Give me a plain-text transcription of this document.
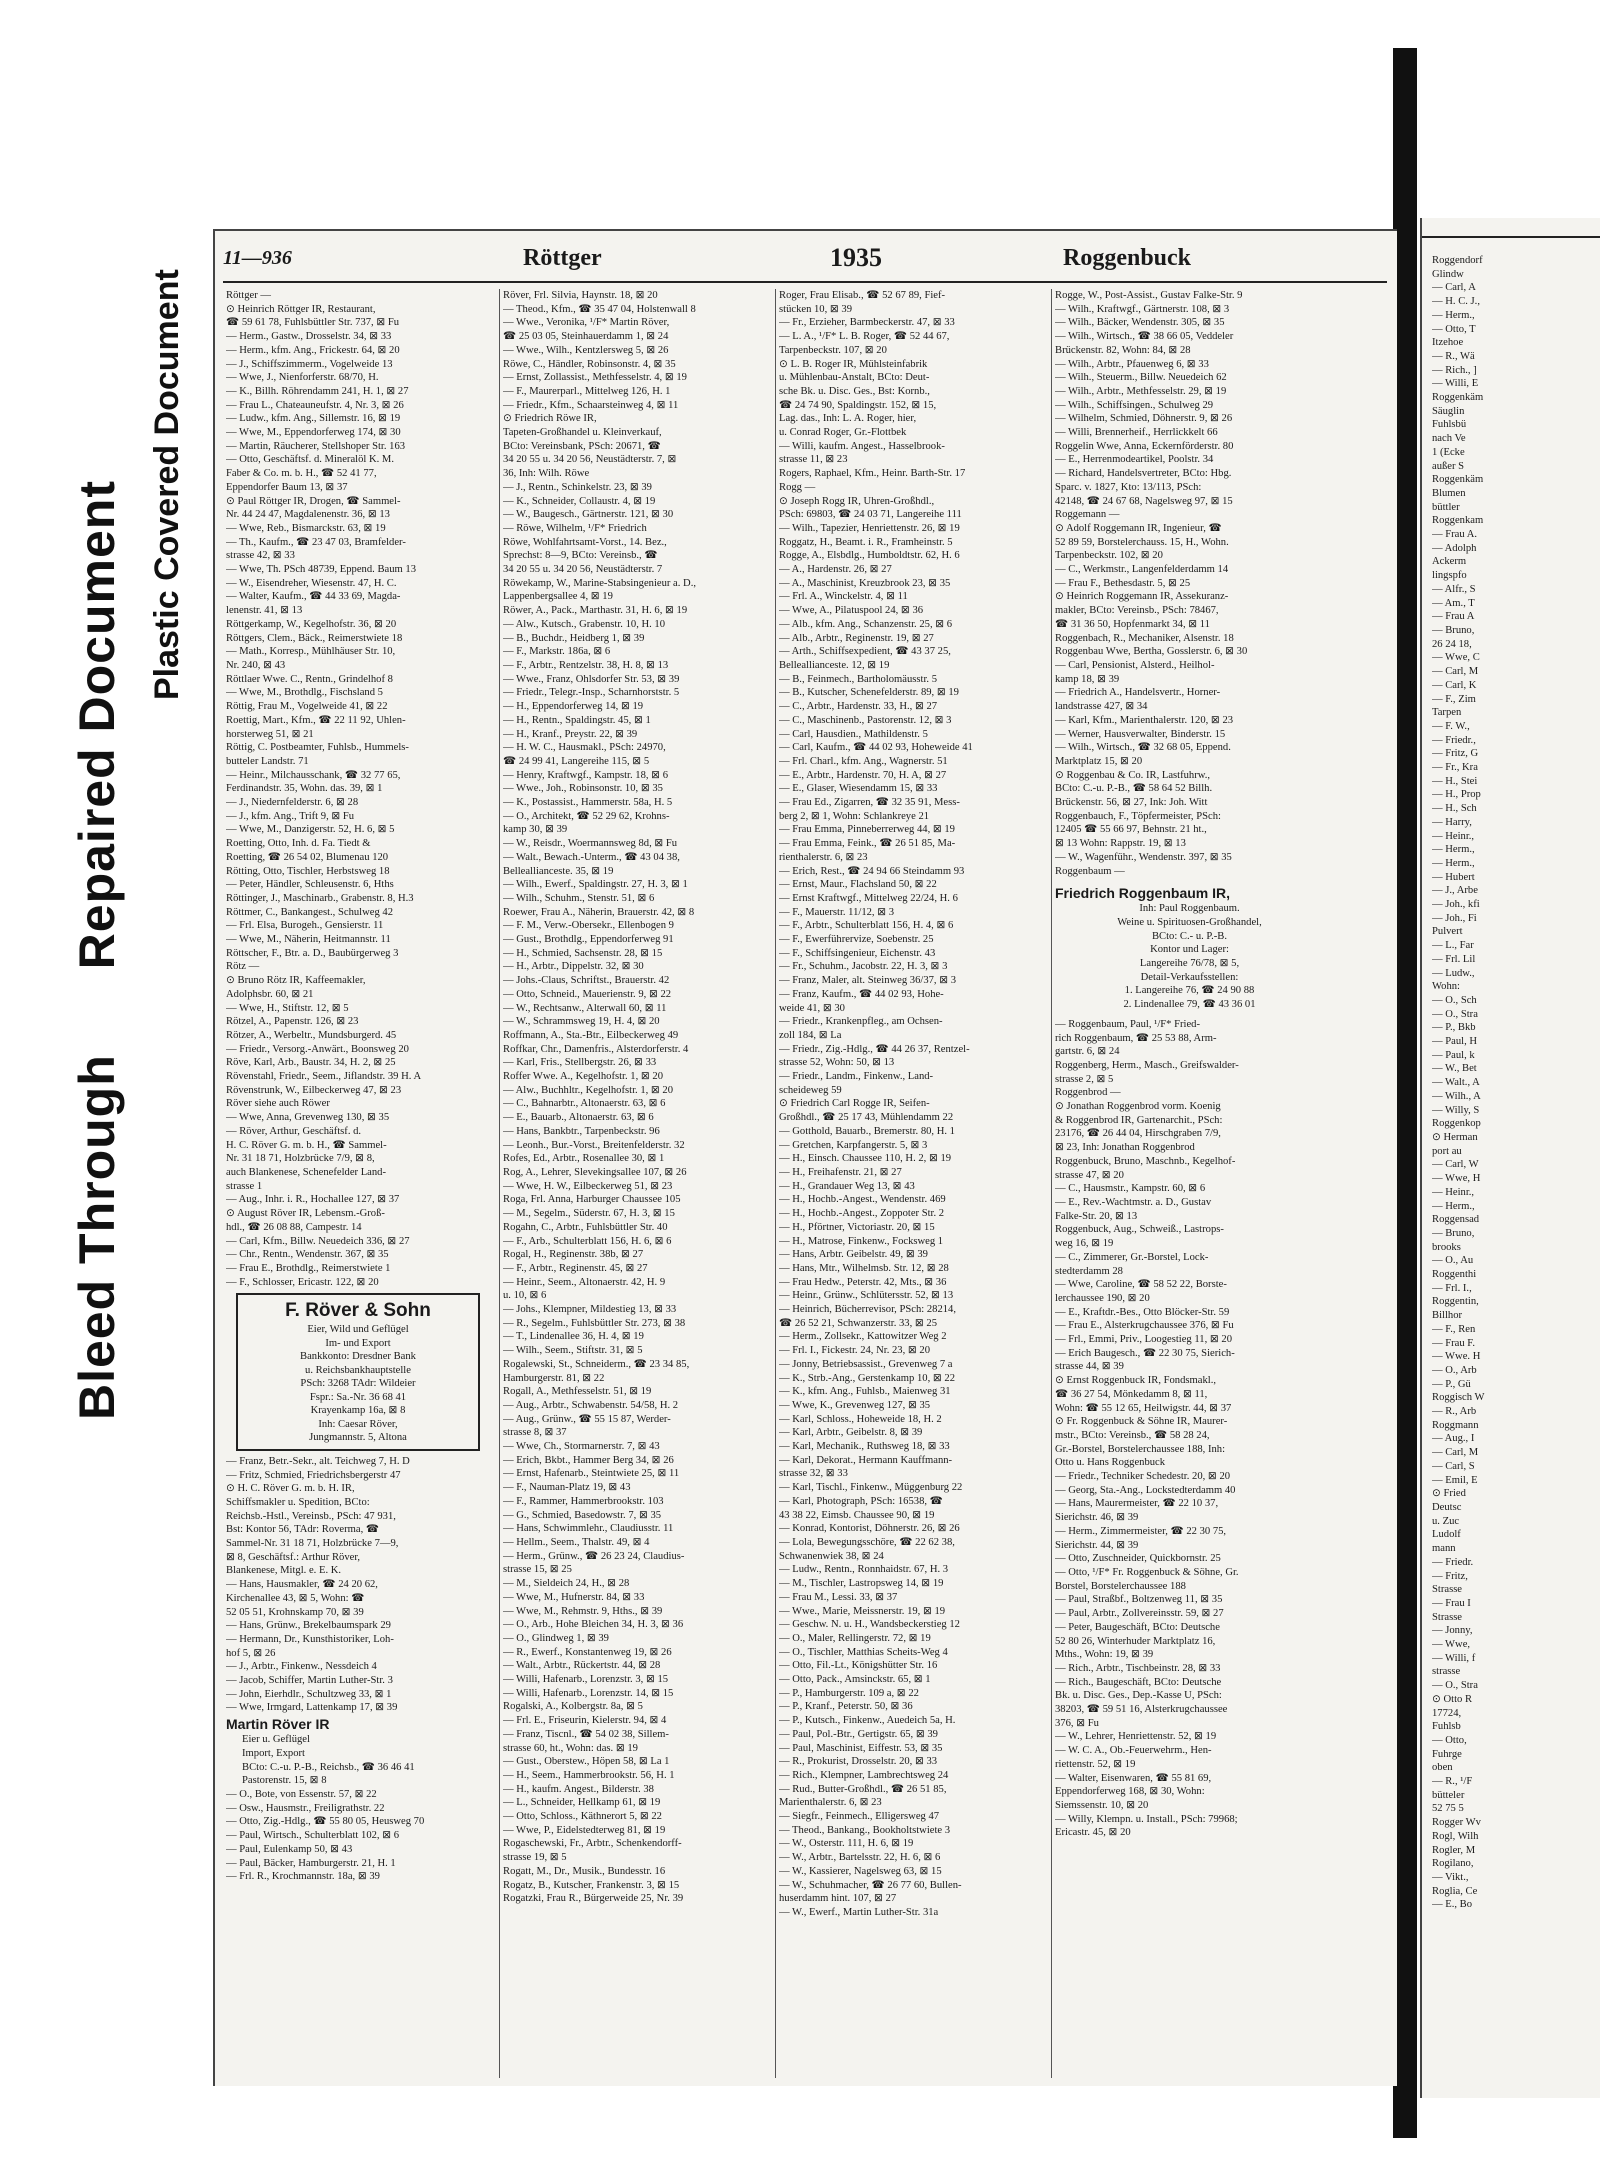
Bleed Through Repaired Document Plastic Covered Document
11—936	Röttger	1935	Roggenbuck
Röttger —
⊙ Heinrich Röttger IR, Restaurant,
☎ 59 61 78, Fuhlsbüttler Str. 737, ⊠ Fu
— Herm., Gastw., Drosselstr. 34, ⊠ 33
— Herm., kfm. Ang., Frickestr. 64, ⊠ 20
— J., Schiffszimmerm., Vogelweide 13
— Wwe, J., Nienforferstr. 68/70, H.
— K., Billh. Röhrendamm 241, H. 1, ⊠ 27
— Frau L., Chateauneufstr. 4, Nr. 3, ⊠ 26
— Ludw., kfm. Ang., Sillemstr. 16, ⊠ 19
— Wwe, M., Eppendorferweg 174, ⊠ 30
— Martin, Räucherer, Stellshoper Str. 163
— Otto, Geschäftsf. d. Mineralöl K. M.
Faber & Co. m. b. H., ☎ 52 41 77,
Eppendorfer Baum 13, ⊠ 37
⊙ Paul Röttger IR, Drogen, ☎ Sammel-
Nr. 44 24 47, Magdalenenstr. 36, ⊠ 13
— Wwe, Reb., Bismarckstr. 63, ⊠ 19
— Th., Kaufm., ☎ 23 47 03, Bramfelder-
strasse 42, ⊠ 33
— Wwe, Th. PSch 48739, Eppend. Baum 13
— W., Eisendreher, Wiesenstr. 47, H. C.
— Walter, Kaufm., ☎ 44 33 69, Magda-
lenenstr. 41, ⊠ 13
Röttgerkamp, W., Kegelhofstr. 36, ⊠ 20
Röttgers, Clem., Bäck., Reimerstwiete 18
— Math., Korresp., Mühlhäuser Str. 10,
Nr. 240, ⊠ 43
Röttlaer Wwe. C., Rentn., Grindelhof 8
— Wwe, M., Brothdlg., Fischsland 5
Röttig, Frau M., Vogelweide 41, ⊠ 22
Roettig, Mart., Kfm., ☎ 22 11 92, Uhlen-
horsterweg 51, ⊠ 21
Röttig, C. Postbeamter, Fuhlsb., Hummels-
butteler Landstr. 71
— Heinr., Milchausschank, ☎ 32 77 65,
Ferdinandstr. 35, Wohn. das. 39, ⊠ 1
— J., Niedernfelderstr. 6, ⊠ 28
— J., kfm. Ang., Trift 9, ⊠ Fu
— Wwe, M., Danzigerstr. 52, H. 6, ⊠ 5
Roetting, Otto, Inh. d. Fa. Tiedt &
Roetting, ☎ 26 54 02, Blumenau 120
Rötting, Otto, Tischler, Herbstsweg 18
— Peter, Händler, Schleusenstr. 6, Hths
Röttinger, J., Maschinarb., Grabenstr. 8, H.3
Röttmer, C., Bankangest., Schulweg 42
— Frl. Elsa, Burogeh., Gensierstr. 11
— Wwe, M., Näherin, Heitmannstr. 11
Röttscher, F., Btr. a. D., Baubürgerweg 3
Rötz —
⊙ Bruno Rötz IR, Kaffeemakler,
Adolphsbr. 60, ⊠ 21
— Wwe, H., Stiftstr. 12, ⊠ 5
Rötzel, A., Papenstr. 126, ⊠ 23
Rötzer, A., Werbeltr., Mundsburgerd. 45
— Friedr., Versorg.-Anwärt., Boonsweg 20
Röve, Karl, Arb., Baustr. 34, H. 2, ⊠ 25
Rövenstahl, Friedr., Seem., Jiflandstr. 39 H. A
Rövenstrunk, W., Eilbeckerweg 47, ⊠ 23
Röver siehe auch Röwer
— Wwe, Anna, Grevenweg 130, ⊠ 35
— Röver, Arthur, Geschäftsf. d.
H. C. Röver G. m. b. H., ☎ Sammel-
Nr. 31 18 71, Holzbrücke 7/9, ⊠ 8,
auch Blankenese, Schenefelder Land-
strasse 1
— Aug., Inhr. i. R., Hochallee 127, ⊠ 37
⊙ August Röver IR, Lebensm.-Groß-
hdl., ☎ 26 08 88, Campestr. 14
— Carl, Kfm., Billw. Neuedeich 336, ⊠ 27
— Chr., Rentn., Wendenstr. 367, ⊠ 35
— Frau E., Brothdlg., Reimerstwiete 1
— F., Schlosser, Ericastr. 122, ⊠ 20
F. Röver & Sohn
Eier, Wild und Geflügel
Im- und Export
Bankkonto: Dresdner Bank
u. Reichsbankhauptstelle
PSch: 3268 TAdr: Wildeier
Fspr.: Sa.-Nr. 36 68 41
Krayenkamp 16a, ⊠ 8
Inh: Caesar Röver,
Jungmannstr. 5, Altona
— Franz, Betr.-Sekr., alt. Teichweg 7, H. D
— Fritz, Schmied, Friedrichsbergerstr 47
⊙ H. C. Röver G. m. b. H. IR,
Schiffsmakler u. Spedition, BCto:
Reichsb.-Hstl., Vereinsb., PSch: 47 931,
Bst: Kontor 56, TAdr: Roverma, ☎
Sammel-Nr. 31 18 71, Holzbrücke 7—9,
⊠ 8, Geschäftsf.: Arthur Röver,
Blankenese, Mitgl. e. E. K.
— Hans, Hausmakler, ☎ 24 20 62,
Kirchenallee 43, ⊠ 5, Wohn: ☎
52 05 51, Krohnskamp 70, ⊠ 39
— Hans, Grünw., Brekelbaumspark 29
— Hermann, Dr., Kunsthistoriker, Loh-
hof 5, ⊠ 26
— J., Arbtr., Finkenw., Nessdeich 4
— Jacob, Schiffer, Martin Luther-Str. 3
— John, Eierhdlr., Schultzweg 33, ⊠ 1
— Wwe, Irmgard, Lattenkamp 17, ⊠ 39
Martin Röver IR
Eier u. Geflügel
Import, Export
BCto: C.-u. P.-B., Reichsb., ☎ 36 46 41
Pastorenstr. 15, ⊠ 8
— O., Bote, von Essenstr. 57, ⊠ 22
— Osw., Hausmstr., Freiligrathstr. 22
— Otto, Zig.-Hdlg., ☎ 55 80 05, Heusweg 70
— Paul, Wirtsch., Schulterblatt 102, ⊠ 6
— Paul, Eulenkamp 50, ⊠ 43
— Paul, Bäcker, Hamburgerstr. 21, H. 1
— Frl. R., Krochmannstr. 18a, ⊠ 39
Röver, Frl. Silvia, Haynstr. 18, ⊠ 20
— Theod., Kfm., ☎ 35 47 04, Holstenwall 8
— Wwe., Veronika, ¹/F* Martin Röver,
☎ 25 03 05, Steinhauerdamm 1, ⊠ 24
— Wwe., Wilh., Kentzlersweg 5, ⊠ 26
Röwe, C., Händler, Robinsonstr. 4, ⊠ 35
— Ernst, Zollassist., Methfesselstr. 4, ⊠ 19
— F., Maurerparl., Mittelweg 126, H. 1
— Friedr., Kfm., Schaarsteinweg 4, ⊠ 11
⊙ Friedrich Röwe IR,
Tapeten-Großhandel u. Kleinverkauf,
BCto: Vereinsbank, PSch: 20671, ☎
34 20 55 u. 34 20 56, Neustädterstr. 7, ⊠
36, Inh: Wilh. Röwe
— J., Rentn., Schinkelstr. 23, ⊠ 39
— K., Schneider, Collaustr. 4, ⊠ 19
— W., Baugesch., Gärtnerstr. 121, ⊠ 30
— Röwe, Wilhelm, ¹/F* Friedrich
Röwe, Wohlfahrtsamt-Vorst., 14. Bez.,
Sprechst: 8—9, BCto: Vereinsb., ☎
34 20 55 u. 34 20 56, Neustädterstr. 7
Röwekamp, W., Marine-Stabsingenieur a. D.,
Lappenbergsallee 4, ⊠ 19
Röwer, A., Pack., Marthastr. 31, H. 6, ⊠ 19
— Alw., Kutsch., Grabenstr. 10, H. 10
— B., Buchdr., Heidberg 1, ⊠ 39
— F., Markstr. 186a, ⊠ 6
— F., Arbtr., Rentzelstr. 38, H. 8, ⊠ 13
— Wwe., Franz, Ohlsdorfer Str. 53, ⊠ 39
— Friedr., Telegr.-Insp., Scharnhorststr. 5
— H., Eppendorferweg 14, ⊠ 19
— H., Rentn., Spaldingstr. 45, ⊠ 1
— H., Kranf., Preystr. 22, ⊠ 39
— H. W. C., Hausmakl., PSch: 24970,
☎ 24 99 41, Langereihe 115, ⊠ 5
— Henry, Kraftwgf., Kampstr. 18, ⊠ 6
— Wwe., Joh., Robinsonstr. 10, ⊠ 35
— K., Postassist., Hammerstr. 58a, H. 5
— O., Architekt, ☎ 52 29 62, Krohns-
kamp 30, ⊠ 39
— W., Reisdr., Woermannsweg 8d, ⊠ Fu
— Walt., Bewach.-Unterm., ☎ 43 04 38,
Belleallianceste. 35, ⊠ 19
— Wilh., Ewerf., Spaldingstr. 27, H. 3, ⊠ 1
— Wilh., Schuhm., Stenstr. 51, ⊠ 6
Roewer, Frau A., Näherin, Brauerstr. 42, ⊠ 8
— F. M., Verw.-Obersekr., Ellenbogen 9
— Gust., Brothdlg., Eppendorferweg 91
— H., Schmied, Sachsenstr. 28, ⊠ 15
— H., Arbtr., Dippelstr. 32, ⊠ 30
— Johs.-Claus, Schriftst., Brauerstr. 42
— Otto, Schneid., Mauerienstr. 9, ⊠ 22
— W., Rechtsanw., Alterwall 60, ⊠ 11
— W., Schrammsweg 19, H. 4, ⊠ 20
Roffmann, A., Sta.-Btr., Eilbeckerweg 49
Roffkar, Chr., Damenfris., Alsterdorferstr. 4
— Karl, Fris., Stellbergstr. 26, ⊠ 33
Roffer Wwe. A., Kegelhofstr. 1, ⊠ 20
— Alw., Buchhltr., Kegelhofstr. 1, ⊠ 20
— C., Bahnarbtr., Altonaerstr. 63, ⊠ 6
— E., Bauarb., Altonaerstr. 63, ⊠ 6
— Hans, Bankbtr., Tarpenbeckstr. 96
— Leonh., Bur.-Vorst., Breitenfelderstr. 32
Rofes, Ed., Arbtr., Rosenallee 30, ⊠ 1
Rog, A., Lehrer, Slevekingsallee 107, ⊠ 26
— Wwe, H. W., Eilbeckerweg 51, ⊠ 23
Roga, Frl. Anna, Harburger Chaussee 105
— M., Segelm., Süderstr. 67, H. 3, ⊠ 15
Rogahn, C., Arbtr., Fuhlsbüttler Str. 40
— F., Arb., Schulterblatt 156, H. 6, ⊠ 6
Rogal, H., Reginenstr. 38b, ⊠ 27
— F., Arbtr., Reginenstr. 45, ⊠ 27
— Heinr., Seem., Altonaerstr. 42, H. 9
u. 10, ⊠ 6
— Johs., Klempner, Mildestieg 13, ⊠ 33
— R., Segelm., Fuhlsbüttler Str. 273, ⊠ 38
— T., Lindenallee 36, H. 4, ⊠ 19
— Wilh., Seem., Stiftstr. 31, ⊠ 5
Rogalewski, St., Schneiderm., ☎ 23 34 85,
Hamburgerstr. 81, ⊠ 22
Rogall, A., Methfesselstr. 51, ⊠ 19
— Aug., Arbtr., Schwabenstr. 54/58, H. 2
— Aug., Grünw., ☎ 55 15 87, Werder-
strasse 8, ⊠ 37
— Wwe, Ch., Stormarnerstr. 7, ⊠ 43
— Erich, Bkbt., Hammer Berg 34, ⊠ 26
— Ernst, Hafenarb., Steintwiete 25, ⊠ 11
— F., Nauman-Platz 19, ⊠ 43
— F., Rammer, Hammerbrookstr. 103
— G., Schmied, Basedowstr. 7, ⊠ 35
— Hans, Schwimmlehr., Claudiusstr. 11
— Hellm., Seem., Thalstr. 49, ⊠ 4
— Herm., Grünw., ☎ 26 23 24, Claudius-
strasse 15, ⊠ 25
— M., Sieldeich 24, H., ⊠ 28
— Wwe, M., Hufnerstr. 84, ⊠ 33
— Wwe, M., Rehmstr. 9, Hths., ⊠ 39
— O., Arb., Hohe Bleichen 34, H. 3, ⊠ 36
— O., Glindweg 1, ⊠ 39
— R., Ewerf., Konstantenweg 19, ⊠ 26
— Walt., Arbtr., Rückertstr. 44, ⊠ 28
— Willi, Hafenarb., Lorenzstr. 3, ⊠ 15
— Willi, Hafenarb., Lorenzstr. 14, ⊠ 15
Rogalski, A., Kolbergstr. 8a, ⊠ 5
— Frl. E., Friseurin, Kielerstr. 94, ⊠ 4
— Franz, Tiscnl., ☎ 54 02 38, Sillem-
strasse 60, ht., Wohn: das. ⊠ 19
— Gust., Oberstew., Höpen 58, ⊠ La 1
— H., Seem., Hammerbrookstr. 56, H. 1
— H., kaufm. Angest., Bilderstr. 38
— L., Schneider, Hellkamp 61, ⊠ 19
— Otto, Schloss., Käthnerort 5, ⊠ 22
— Wwe, P., Eidelstedterweg 81, ⊠ 19
Rogaschewski, Fr., Arbtr., Schenkendorff-
strasse 19, ⊠ 5
Rogatt, M., Dr., Musik., Bundesstr. 16
Rogatz, B., Kutscher, Frankenstr. 3, ⊠ 15
Rogatzki, Frau R., Bürgerweide 25, Nr. 39
Roger, Frau Elisab., ☎ 52 67 89, Fief-
stücken 10, ⊠ 39
— Fr., Erzieher, Barmbeckerstr. 47, ⊠ 33
— L. A., ¹/F* L. B. Roger, ☎ 52 44 67,
Tarpenbeckstr. 107, ⊠ 20
⊙ L. B. Roger IR, Mühlsteinfabrik
u. Mühlenbau-Anstalt, BCto: Deut-
sche Bk. u. Disc. Ges., Bst: Kornb.,
☎ 24 74 90, Spaldingstr. 152, ⊠ 15,
Lag. das., Inh: L. A. Roger, hier,
u. Conrad Roger, Gr.-Flottbek
— Willi, kaufm. Angest., Hasselbrook-
strasse 11, ⊠ 23
Rogers, Raphael, Kfm., Heinr. Barth-Str. 17
Rogg —
⊙ Joseph Rogg IR, Uhren-Großhdl.,
PSch: 69803, ☎ 24 03 71, Langereihe 111
— Wilh., Tapezier, Henriettenstr. 26, ⊠ 19
Roggatz, H., Beamt. i. R., Framheinstr. 5
Rogge, A., Elsbdlg., Humboldtstr. 62, H. 6
— A., Hardenstr. 26, ⊠ 27
— A., Maschinist, Kreuzbrook 23, ⊠ 35
— Frl. A., Winckelstr. 4, ⊠ 11
— Wwe, A., Pilatuspool 24, ⊠ 36
— Alb., kfm. Ang., Schanzenstr. 25, ⊠ 6
— Alb., Arbtr., Reginenstr. 19, ⊠ 27
— Arth., Schiffsexpedient, ☎ 43 37 25,
Belleallianceste. 12, ⊠ 19
— B., Feinmech., Bartholomäusstr. 5
— B., Kutscher, Schenefelderstr. 89, ⊠ 19
— C., Arbtr., Hardenstr. 33, H., ⊠ 27
— C., Maschinenb., Pastorenstr. 12, ⊠ 3
— Carl, Hausdien., Mathildenstr. 5
— Carl, Kaufm., ☎ 44 02 93, Hoheweide 41
— Frl. Charl., kfm. Ang., Wagnerstr. 51
— E., Arbtr., Hardenstr. 70, H. A, ⊠ 27
— E., Glaser, Wiesendamm 15, ⊠ 33
— Frau Ed., Zigarren, ☎ 32 35 91, Mess-
berg 2, ⊠ 1, Wohn: Schlankreye 21
— Frau Emma, Pinneberrerweg 44, ⊠ 19
— Frau Emma, Feink., ☎ 26 51 85, Ma-
rienthalerstr. 6, ⊠ 23
— Erich, Rest., ☎ 24 94 66 Steindamm 93
— Ernst, Maur., Flachsland 50, ⊠ 22
— Ernst Kraftwgf., Mittelweg 22/24, H. 6
— F., Mauerstr. 11/12, ⊠ 3
— F., Arbtr., Schulterblatt 156, H. 4, ⊠ 6
— F., Ewerführervize, Soebenstr. 25
— F., Schiffsingenieur, Eichenstr. 43
— Fr., Schuhm., Jacobstr. 22, H. 3, ⊠ 3
— Franz, Maler, alt. Steinweg 36/37, ⊠ 3
— Franz, Kaufm., ☎ 44 02 93, Hohe-
weide 41, ⊠ 30
— Friedr., Krankenpfleg., am Ochsen-
zoll 184, ⊠ La
— Friedr., Zig.-Hdlg., ☎ 44 26 37, Rentzel-
strasse 52, Wohn: 50, ⊠ 13
— Friedr., Landm., Finkenw., Land-
scheideweg 59
⊙ Friedrich Carl Rogge IR, Seifen-
Großhdl., ☎ 25 17 43, Mühlendamm 22
— Gotthold, Bauarb., Bremerstr. 80, H. 1
— Gretchen, Karpfangerstr. 5, ⊠ 3
— H., Einsch. Chaussee 110, H. 2, ⊠ 19
— H., Freihafenstr. 21, ⊠ 27
— H., Grandauer Weg 13, ⊠ 43
— H., Hochb.-Angest., Wendenstr. 469
— H., Hochb.-Angest., Zoppoter Str. 2
— H., Pförtner, Victoriastr. 20, ⊠ 15
— H., Matrose, Finkenw., Focksweg 1
— Hans, Arbtr. Geibelstr. 49, ⊠ 39
— Hans, Mtr., Wilhelmsb. Str. 12, ⊠ 28
— Frau Hedw., Peterstr. 42, Mts., ⊠ 36
— Heinr., Grünw., Schlütersstr. 52, ⊠ 13
— Heinrich, Bücherrevisor, PSch: 28214,
☎ 26 52 21, Schwanzerstr. 33, ⊠ 25
— Herm., Zollsekr., Kattowitzer Weg 2
— Frl. I., Fickestr. 24, Nr. 23, ⊠ 20
— Jonny, Betriebsassist., Grevenweg 7 a
— K., Strb.-Ang., Gerstenkamp 10, ⊠ 22
— K., kfm. Ang., Fuhlsb., Maienweg 31
— Wwe, K., Grevenweg 127, ⊠ 35
— Karl, Schloss., Hoheweide 18, H. 2
— Karl, Arbtr., Geibelstr. 8, ⊠ 39
— Karl, Mechanik., Ruthsweg 18, ⊠ 33
— Karl, Dekorat., Hermann Kauffmann-
strasse 32, ⊠ 33
— Karl, Tischl., Finkenw., Müggenburg 22
— Karl, Photograph, PSch: 16538, ☎
43 38 22, Eimsb. Chaussee 90, ⊠ 19
— Konrad, Kontorist, Döhnerstr. 26, ⊠ 26
— Lola, Bewegungsschöre, ☎ 22 62 38,
Schwanenwiek 38, ⊠ 24
— Ludw., Rentn., Ronnhaidstr. 67, H. 3
— M., Tischler, Lastropsweg 14, ⊠ 19
— Frau M., Lessi. 33, ⊠ 37
— Wwe., Marie, Meissnerstr. 19, ⊠ 19
— Geschw. N. u. H., Wandsbeckerstieg 12
— O., Maler, Rellingerstr. 72, ⊠ 19
— O., Tischler, Matthias Scheits-Weg 4
— Otto, Fil.-Lt., Königshütter Str. 16
— Otto, Pack., Amsinckstr. 65, ⊠ 1
— P., Hamburgerstr. 109 a, ⊠ 22
— P., Kranf., Peterstr. 50, ⊠ 36
— P., Kutsch., Finkenw., Auedeich 5a, H.
— Paul, Pol.-Btr., Gertigstr. 65, ⊠ 39
— Paul, Maschinist, Eiffestr. 53, ⊠ 35
— R., Prokurist, Drosselstr. 20, ⊠ 33
— Rich., Klempner, Lambrechtsweg 24
— Rud., Butter-Großhdl., ☎ 26 51 85,
Marienthalerstr. 6, ⊠ 23
— Siegfr., Feinmech., Elligersweg 47
— Theod., Bankang., Bookholtstwiete 3
— W., Osterstr. 111, H. 6, ⊠ 19
— W., Arbtr., Bartelsstr. 22, H. 6, ⊠ 6
— W., Kassierer, Nagelsweg 63, ⊠ 15
— W., Schuhmacher, ☎ 26 77 60, Bullen-
huserdamm hint. 107, ⊠ 27
— W., Ewerf., Martin Luther-Str. 31a
Rogge, W., Post-Assist., Gustav Falke-Str. 9
— Wilh., Kraftwgf., Gärtnerstr. 108, ⊠ 3
— Wilh., Bäcker, Wendenstr. 305, ⊠ 35
— Wilh., Wirtsch., ☎ 38 66 05, Veddeler
Brückenstr. 82, Wohn: 84, ⊠ 28
— Wilh., Arbtr., Pfauenweg 6, ⊠ 33
— Wilh., Steuerm., Billw. Neuedeich 62
— Wilh., Arbtr., Methfesselstr. 29, ⊠ 19
— Wilh., Schiffsingen., Schulweg 29
— Wilhelm, Schmied, Döhnerstr. 9, ⊠ 26
— Willi, Brennerheif., Herrlickkelt 66
Roggelin Wwe, Anna, Eckernförderstr. 80
— E., Herrenmodeartikel, Poolstr. 34
— Richard, Handelsvertreter, BCto: Hbg.
Sparc. v. 1827, Kto: 13/113, PSch:
42148, ☎ 24 67 68, Nagelsweg 97, ⊠ 15
Roggemann —
⊙ Adolf Roggemann IR, Ingenieur, ☎
52 89 59, Borstelerchauss. 15, H., Wohn.
Tarpenbeckstr. 102, ⊠ 20
— C., Werkmstr., Langenfelderdamm 14
— Frau F., Bethesdastr. 5, ⊠ 25
⊙ Heinrich Roggemann IR, Assekuranz-
makler, BCto: Vereinsb., PSch: 78467,
☎ 31 36 50, Hopfenmarkt 34, ⊠ 11
Roggenbach, R., Mechaniker, Alsenstr. 18
Roggenbau Wwe, Bertha, Gosslerstr. 6, ⊠ 30
— Carl, Pensionist, Alsterd., Heilhol-
kamp 18, ⊠ 39
— Friedrich A., Handelsvertr., Horner-
landstrasse 427, ⊠ 34
— Karl, Kfm., Marienthalerstr. 120, ⊠ 23
— Werner, Hausverwalter, Binderstr. 15
— Wilh., Wirtsch., ☎ 32 68 05, Eppend.
Marktplatz 15, ⊠ 20
⊙ Roggenbau & Co. IR, Lastfuhrw.,
BCto: C.-u. P.-B., ☎ 58 64 52 Billh.
Brückenstr. 56, ⊠ 27, Ink: Joh. Witt
Roggenbauch, F., Töpfermeister, PSch:
12405 ☎ 55 66 97, Behnstr. 21 ht.,
⊠ 13 Wohn: Rappstr. 19, ⊠ 13
— W., Wagenführ., Wendenstr. 397, ⊠ 35
Roggenbaum —
Friedrich Roggenbaum IR,
Inh: Paul Roggenbaum.
Weine u. Spirituosen-Großhandel,
BCto: C.- u. P.-B.
Kontor und Lager:
Langereihe 76/78, ⊠ 5,
Detail-Verkaufsstellen:
1. Langereihe 76, ☎ 24 90 88
2. Lindenallee 79, ☎ 43 36 01
— Roggenbaum, Paul, ¹/F* Fried-
rich Roggenbaum, ☎ 25 53 88, Arm-
gartstr. 6, ⊠ 24
Roggenberg, Herm., Masch., Greifswalder-
strasse 2, ⊠ 5
Roggenbrod —
⊙ Jonathan Roggenbrod vorm. Koenig
& Roggenbrod IR, Gartenarchit., PSch:
23176, ☎ 26 44 04, Hirschgraben 7/9,
⊠ 23, Inh: Jonathan Roggenbrod
Roggenbuck, Bruno, Maschnb., Kegelhof-
strasse 47, ⊠ 20
— C., Hausmstr., Kampstr. 60, ⊠ 6
— E., Rev.-Wachtmstr. a. D., Gustav
Falke-Str. 20, ⊠ 13
Roggenbuck, Aug., Schweiß., Lastrops-
weg 16, ⊠ 19
— C., Zimmerer, Gr.-Borstel, Lock-
stedterdamm 28
— Wwe, Caroline, ☎ 58 52 22, Borste-
lerchaussee 190, ⊠ 20
— E., Kraftdr.-Bes., Otto Blöcker-Str. 59
— Frau E., Alsterkrugchaussee 376, ⊠ Fu
— Frl., Emmi, Priv., Loogestieg 11, ⊠ 20
— Erich Baugesch., ☎ 22 30 75, Sierich-
strasse 44, ⊠ 39
⊙ Ernst Roggenbuck IR, Fondsmakl.,
☎ 36 27 54, Mönkedamm 8, ⊠ 11,
Wohn: ☎ 55 12 65, Heilwigstr. 44, ⊠ 37
⊙ Fr. Roggenbuck & Söhne IR, Maurer-
mstr., BCto: Vereinsb., ☎ 58 28 24,
Gr.-Borstel, Borstelerchaussee 188, Inh:
Otto u. Hans Roggenbuck
— Friedr., Techniker Schedestr. 20, ⊠ 20
— Georg, Sta.-Ang., Lockstedterdamm 40
— Hans, Maurermeister, ☎ 22 10 37,
Sierichstr. 46, ⊠ 39
— Herm., Zimmermeister, ☎ 22 30 75,
Sierichstr. 44, ⊠ 39
— Otto, Zuschneider, Quickbornstr. 25
— Otto, ¹/F* Fr. Roggenbuck & Söhne, Gr.
Borstel, Borstelerchaussee 188
— Paul, Straßbf., Boltzenweg 11, ⊠ 35
— Paul, Arbtr., Zollvereinsstr. 59, ⊠ 27
— Peter, Baugeschäft, BCto: Deutsche
52 80 26, Winterhuder Marktplatz 16,
Mths., Wohn: 19, ⊠ 39
— Rich., Arbtr., Tischbeinstr. 28, ⊠ 33
— Rich., Baugeschäft, BCto: Deutsche
Bk. u. Disc. Ges., Dep.-Kasse U, PSch:
38203, ☎ 59 51 16, Alsterkrugchaussee
376, ⊠ Fu
— W., Lehrer, Henriettenstr. 52, ⊠ 19
— W. C. A., Ob.-Feuerwehrm., Hen-
riettenstr. 52, ⊠ 19
— Walter, Eisenwaren, ☎ 55 81 69,
Eppendorferweg 168, ⊠ 30, Wohn:
Siemssenstr. 10, ⊠ 20
— Willy, Klempn. u. Install., PSch: 79968;
Ericastr. 45, ⊠ 20
Roggendorf
Glindw
— Carl, A
— H. C. J.,
— Herm.,
— Otto, T
Itzehoe
— R., Wä
— Rich., ]
— Willi, E
Roggenkäm
Säuglin
Fuhlsbü
nach Ve
1 (Ecke
außer S
Roggenkäm
Blumen
büttler
Roggenkam
— Frau A.
— Adolph
Ackerm
lingspfo
— Alfr., S
— Am., T
— Frau A
— Bruno,
26 24 18,
— Wwe, C
— Carl, M
— Carl, K
— F., Zim
Tarpen
— F. W.,
— Friedr.,
— Fritz, G
— Fr., Kra
— H., Stei
— H., Prop
— H., Sch
— Harry,
— Heinr.,
— Herm.,
— Herm.,
— Hubert
— J., Arbe
— Joh., kfi
— Joh., Fi
Pulvert
— L., Far
— Frl. Lil
— Ludw.,
Wohn:
— O., Sch
— O., Stra
— P., Bkb
— Paul, H
— Paul, k
— W., Bet
— Walt., A
— Wilh., A
— Willy, S
Roggenkop
⊙ Herman
port au
— Carl, W
— Wwe, H
— Heinr.,
— Herm.,
Roggensad
— Bruno,
brooks
— O., Au
Roggenthi
— Frl. I.,
Roggentin,
Billhor
— F., Ren
— Frau F.
— Wwe. H
— O., Arb
— P., Gü
Roggisch W
— R., Arb
Roggmann
— Aug., I
— Carl, M
— Carl, S
— Emil, E
⊙ Fried
Deutsc
u. Zuc
Ludolf
mann
— Friedr.
— Fritz,
Strasse
— Frau I
Strasse
— Jonny,
— Wwe,
— Willi, f
strasse
— O., Stra
⊙ Otto R
17724,
Fuhlsb
— Otto,
Fuhrge
oben
— R., ¹/F
bütteler
52 75 5
Rogger Wv
Rogl, Wilh
Rogler, M
Rogilano,
— Vikt.,
Roglia, Ce
— E., Bo
